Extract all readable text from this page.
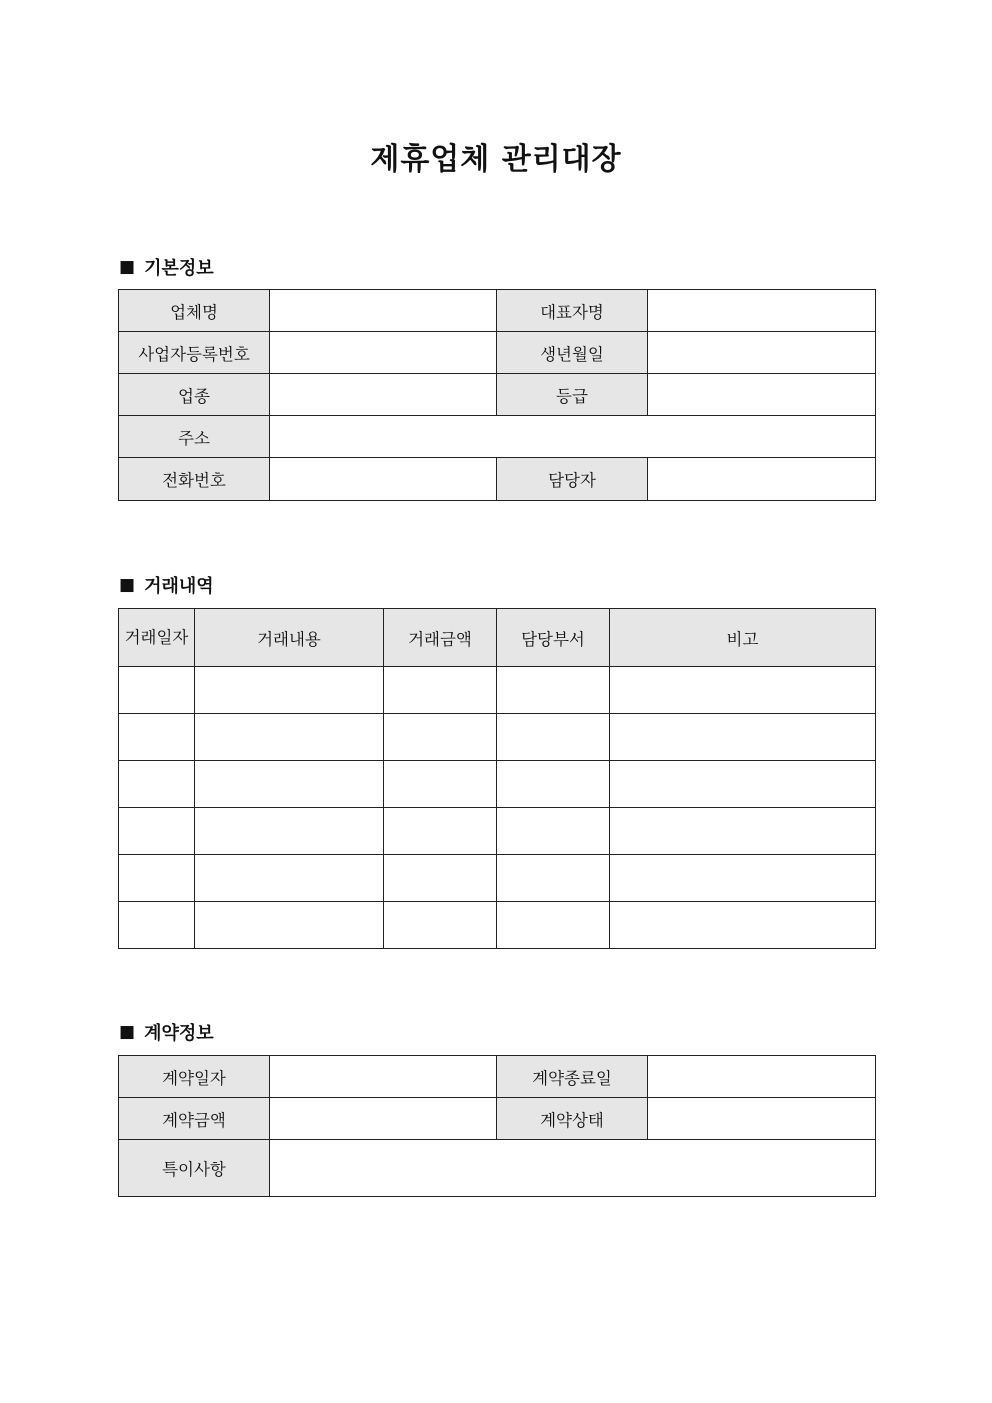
제휴업체 관리대장
■ 기본정보
업체명		대표자명	
사업자등록번호		생년월일	
업종		등급	
주소			
전화번호		담당자	
■ 거래내역
거래일자	거래내용	거래금액	담당부서	비고

■ 계약정보
계약일자		계약종료일	
계약금액		계약상태	
특이사항			
